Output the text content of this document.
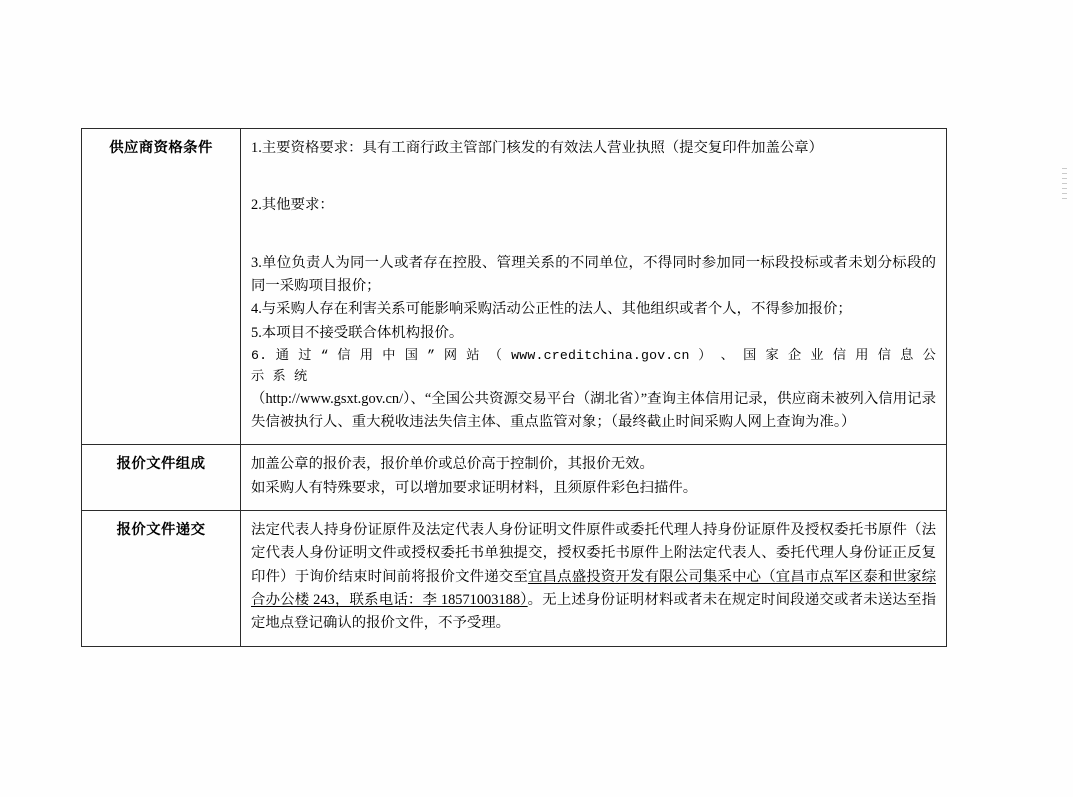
供应商资格条件	1.主要资格要求：具有工商行政主管部门核发的有效法人营业执照（提交复印件加盖公章）

2.其他要求：

3.单位负责人为同一人或者存在控股、管理关系的不同单位，不得同时参加同一标段投标或者未划分标段的同一采购项目报价；

4.与采购人存在利害关系可能影响采购活动公正性的法人、其他组织或者个人，不得参加报价；

5.本项目不接受联合体机构报价。

6. 通 过 “ 信 用 中 国 ” 网 站 （ www.creditchina.gov.cn ） 、 国 家 企 业 信 用 信 息 公 示 系 统

（http://www.gsxt.gov.cn/）、“全国公共资源交易平台（湖北省）”查询主体信用记录，供应商未被列入信用记录失信被执行人、重大税收违法失信主体、重点监管对象；（最终截止时间采购人网上查询为准。）

报价文件组成	加盖公章的报价表，报价单价或总价高于控制价，其报价无效。

如采购人有特殊要求，可以增加要求证明材料，且须原件彩色扫描件。

报价文件递交	法定代表人持身份证原件及法定代表人身份证明文件原件或委托代理人持身份证原件及授权委托书原件（法定代表人身份证明文件或授权委托书单独提交，授权委托书原件上附法定代表人、委托代理人身份证正反复印件）于询价结束时间前将报价文件递交至宜昌点盛投资开发有限公司集采中心（宜昌市点军区泰和世家综合办公楼 243，联系电话：李 18571003188）。无上述身份证明材料或者未在规定时间段递交或者未送达至指定地点登记确认的报价文件，不予受理。
